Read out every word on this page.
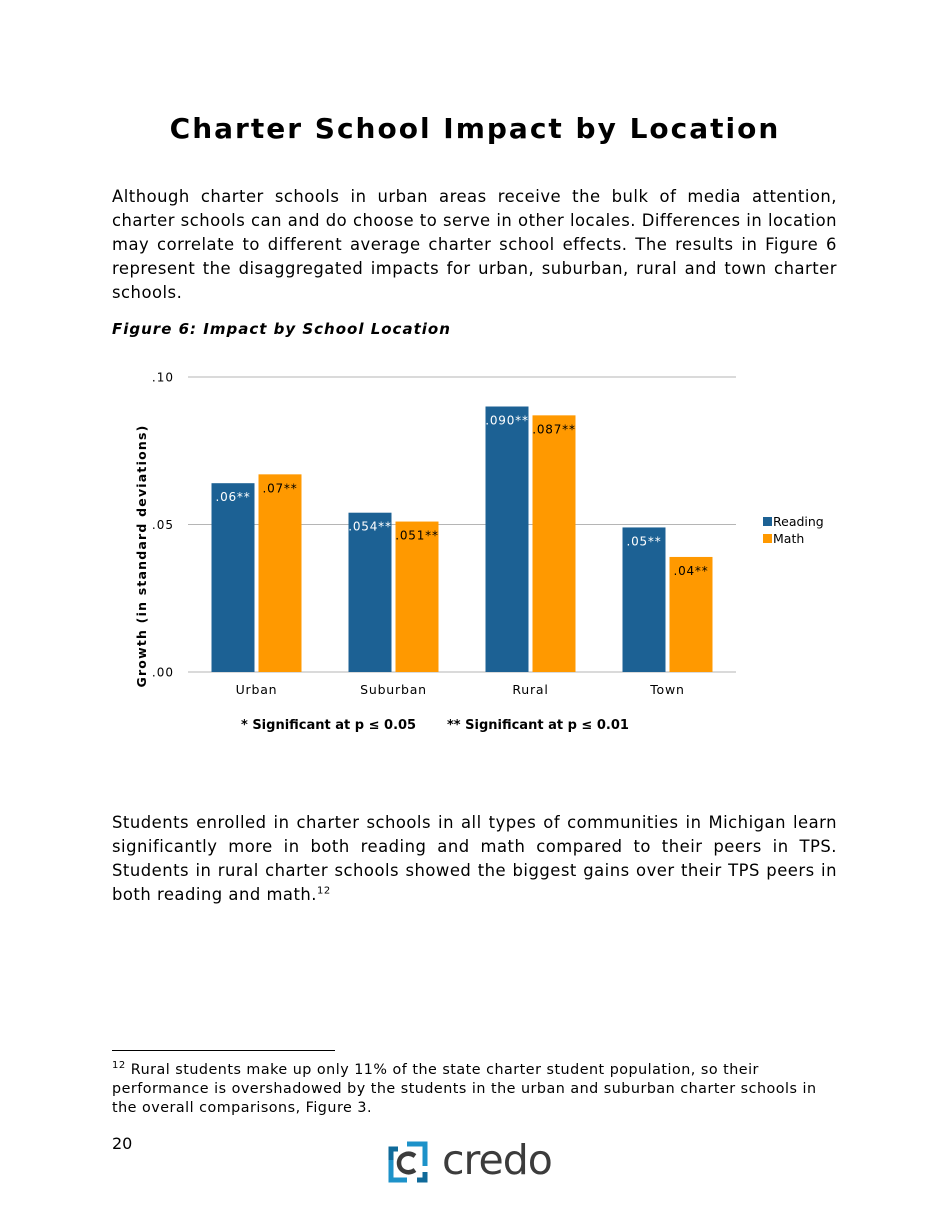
Charter School Impact by Location

Although charter schools in urban areas receive the bulk of media attention, charter schools can and do choose to serve in other locales. Differences in location may correlate to different average charter school effects. The results in Figure 6 represent the disaggregated impacts for urban, suburban, rural and town charter schools.

Figure 6: Impact by School Location

.00
.05
.10
.06**
.07**
Urban
.054**
.051**
Suburban
.090**
.087**
Rural
.05**
.04**
Town
Reading
Math
Growth (in standard deviations)
* Significant at p ≤ 0.05 ** Significant at p ≤ 0.01

Students enrolled in charter schools in all types of communities in Michigan learn significantly more in both reading and math compared to their peers in TPS. Students in rural charter schools showed the biggest gains over their TPS peers in both reading and math.$^{12}$

$^{12}$ Rural students make up only 11% of the state charter student population, so their performance is overshadowed by the students in the urban and suburban charter schools in the overall comparisons, Figure 3.

20	credo
